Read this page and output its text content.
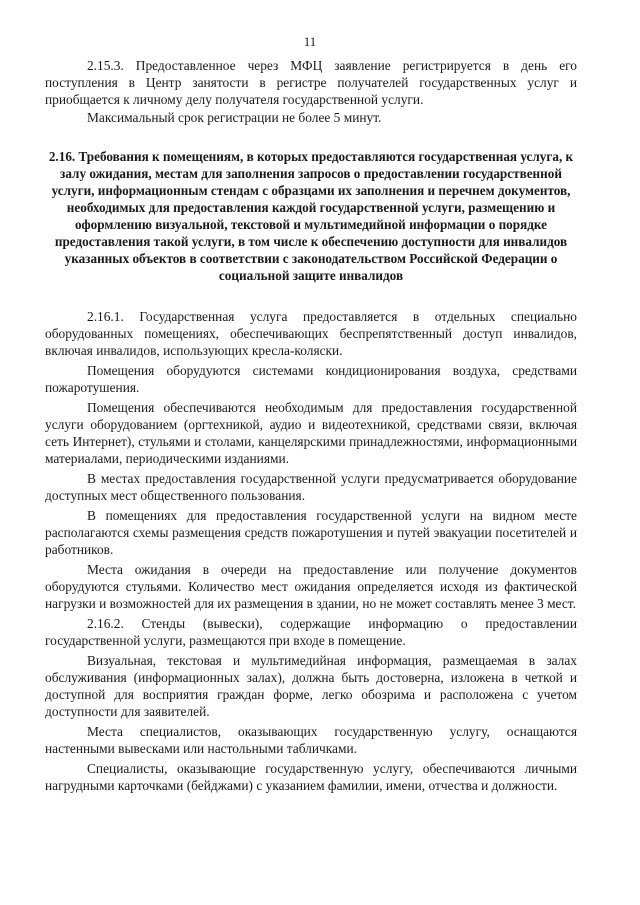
11

2.15.3. Предоставленное через МФЦ заявление регистрируется в день его поступления в Центр занятости в регистре получателей государственных услуг и приобщается к личному делу получателя государственной услуги.

Максимальный срок регистрации не более 5 минут.

2.16. Требования к помещениям, в которых предоставляются государственная услуга, к залу ожидания, местам для заполнения запросов о предоставлении государственной услуги, информационным стендам с образцами их заполнения и перечнем документов, необходимых для предоставления каждой государственной услуги, размещению и оформлению визуальной, текстовой и мультимедийной информации о порядке предоставления такой услуги, в том числе к обеспечению доступности для инвалидов указанных объектов в соответствии с законодательством Российской Федерации о социальной защите инвалидов

2.16.1. Государственная услуга предоставляется в отдельных специально оборудованных помещениях, обеспечивающих беспрепятственный доступ инвалидов, включая инвалидов, использующих кресла-коляски.

Помещения оборудуются системами кондиционирования воздуха, средствами пожаротушения.

Помещения обеспечиваются необходимым для предоставления государственной услуги оборудованием (оргтехникой, аудио и видеотехникой, средствами связи, включая сеть Интернет), стульями и столами, канцелярскими принадлежностями, информационными материалами, периодическими изданиями.

В местах предоставления государственной услуги предусматривается оборудование доступных мест общественного пользования.

В помещениях для предоставления государственной услуги на видном месте располагаются схемы размещения средств пожаротушения и путей эвакуации посетителей и работников.

Места ожидания в очереди на предоставление или получение документов оборудуются стульями. Количество мест ожидания определяется исходя из фактической нагрузки и возможностей для их размещения в здании, но не может составлять менее 3 мест.

2.16.2. Стенды (вывески), содержащие информацию о предоставлении государственной услуги, размещаются при входе в помещение.

Визуальная, текстовая и мультимедийная информация, размещаемая в залах обслуживания (информационных залах), должна быть достоверна, изложена в четкой и доступной для восприятия граждан форме, легко обозрима и расположена с учетом доступности для заявителей.

Места специалистов, оказывающих государственную услугу, оснащаются настенными вывесками или настольными табличками.

Специалисты, оказывающие государственную услугу, обеспечиваются личными нагрудными карточками (бейджами) с указанием фамилии, имени, отчества и должности.
